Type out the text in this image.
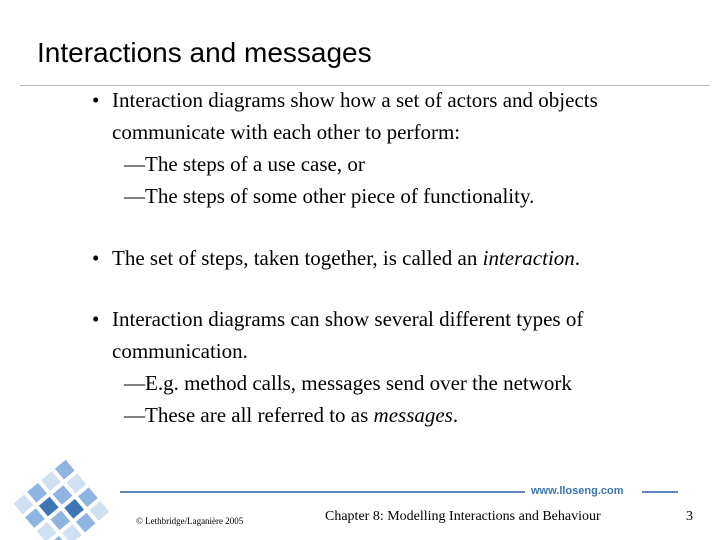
Interactions and messages
• Interaction diagrams show how a set of actors and objects communicate with each other to perform:
—The steps of a use case, or
—The steps of some other piece of functionality.
• The set of steps, taken together, is called an interaction.
• Interaction diagrams can show several different types of communication.
—E.g. method calls, messages send over the network
—These are all referred to as messages.
www.lloseng.com
© Lethbridge/Laganière 2005	Chapter 8: Modelling Interactions and Behaviour	3
